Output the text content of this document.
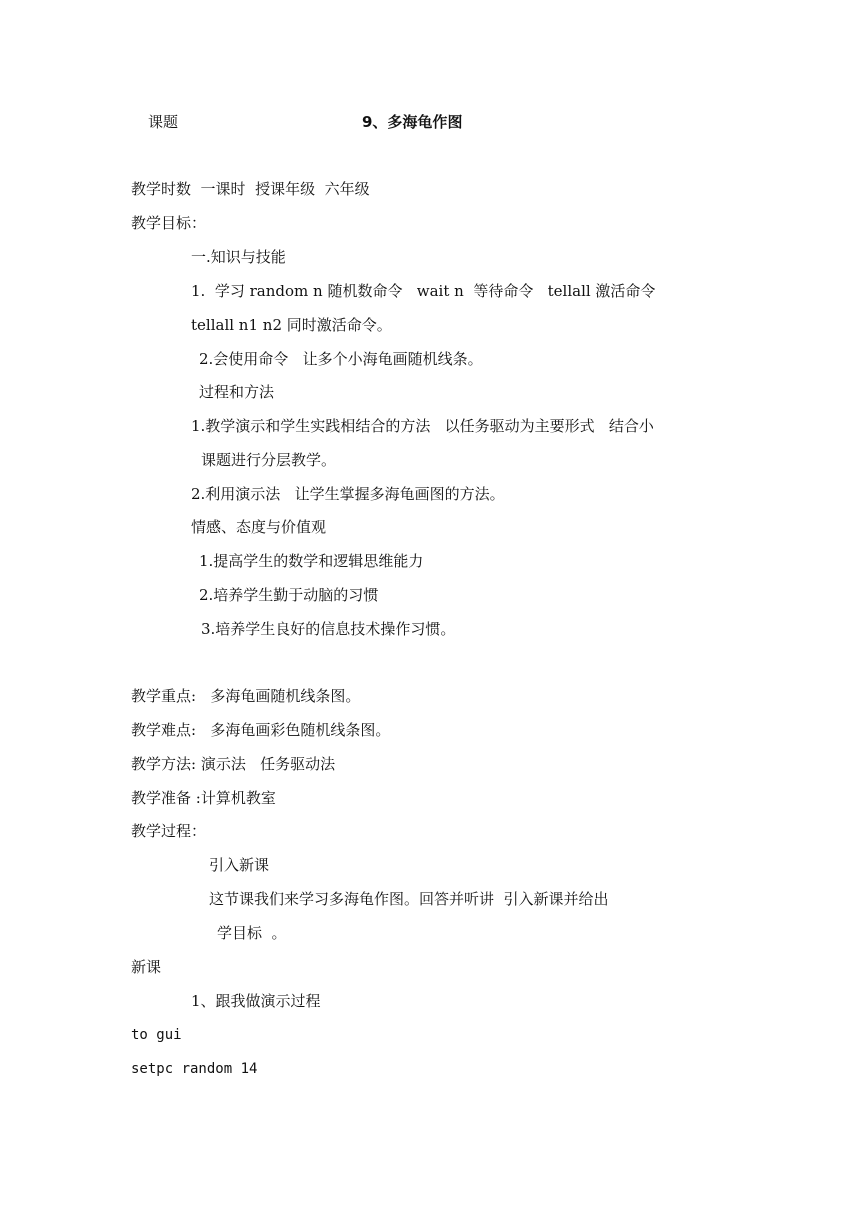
课题	9、多海龟作图
教学时数  一课时  授课年级  六年级
教学目标：
一.知识与技能
1.  学习 random n 随机数命令   wait n  等待命令   tellall 激活命令
tellall n1 n2 同时激活命令。
2.会使用命令   让多个小海龟画随机线条。
过程和方法
1.教学演示和学生实践相结合的方法   以任务驱动为主要形式   结合小
课题进行分层教学。
2.利用演示法   让学生掌握多海龟画图的方法。
情感、态度与价值观
1.提高学生的数学和逻辑思维能力
2.培养学生勤于动脑的习惯
3.培养学生良好的信息技术操作习惯。
教学重点:   多海龟画随机线条图。
教学难点:   多海龟画彩色随机线条图。
教学方法: 演示法   任务驱动法
教学准备 :计算机教室
教学过程：
引入新课
这节课我们来学习多海龟作图。回答并听讲  引入新课并给出
学目标  。
新课
1、跟我做演示过程
to gui
setpc random 14
